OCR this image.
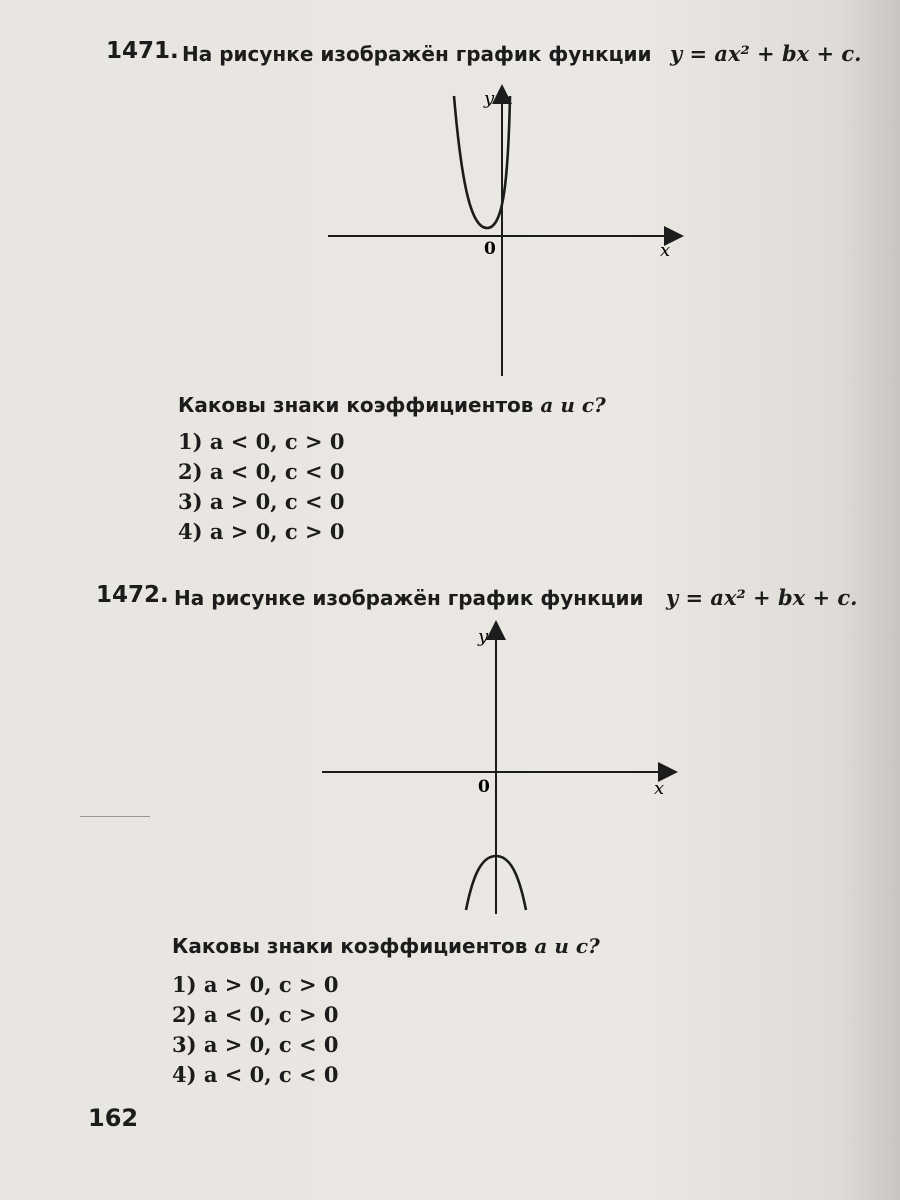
1471. На рисунке изображён график функции y = ax² + bx + c.
y
x
0
Каковы знаки коэффициентов a и c?
1) a < 0, c > 0
2) a < 0, c < 0
3) a > 0, c < 0
4) a > 0, c > 0
1472. На рисунке изображён график функции y = ax² + bx + c.
y
x
0
Каковы знаки коэффициентов a и c?
1) a > 0, c > 0
2) a < 0, c > 0
3) a > 0, c < 0
4) a < 0, c < 0
162
